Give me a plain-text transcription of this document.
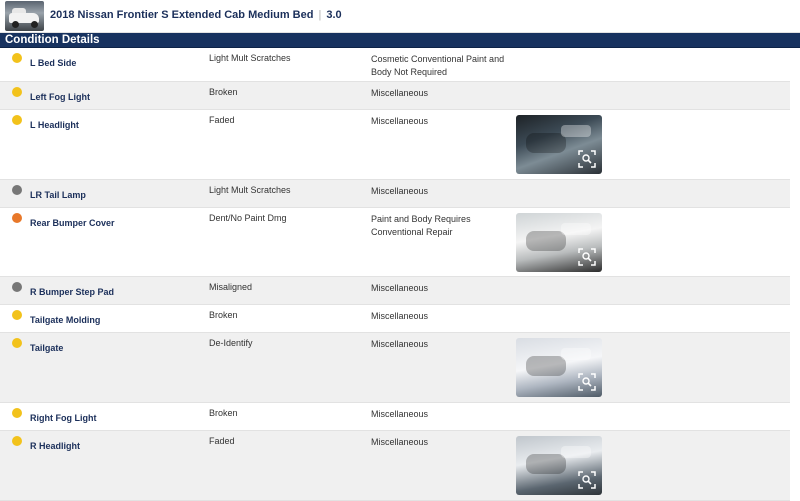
2018 Nissan Frontier S Extended Cab Medium Bed | 3.0
Condition Details
L Bed Side	Light Mult Scratches	Cosmetic Conventional Paint and Body Not Required
Left Fog Light	Broken	Miscellaneous
L Headlight	Faded	Miscellaneous
LR Tail Lamp	Light Mult Scratches	Miscellaneous
Rear Bumper Cover	Dent/No Paint Dmg	Paint and Body Requires Conventional Repair
R Bumper Step Pad	Misaligned	Miscellaneous
Tailgate Molding	Broken	Miscellaneous
Tailgate	De-Identify	Miscellaneous
Right Fog Light	Broken	Miscellaneous
R Headlight	Faded	Miscellaneous
